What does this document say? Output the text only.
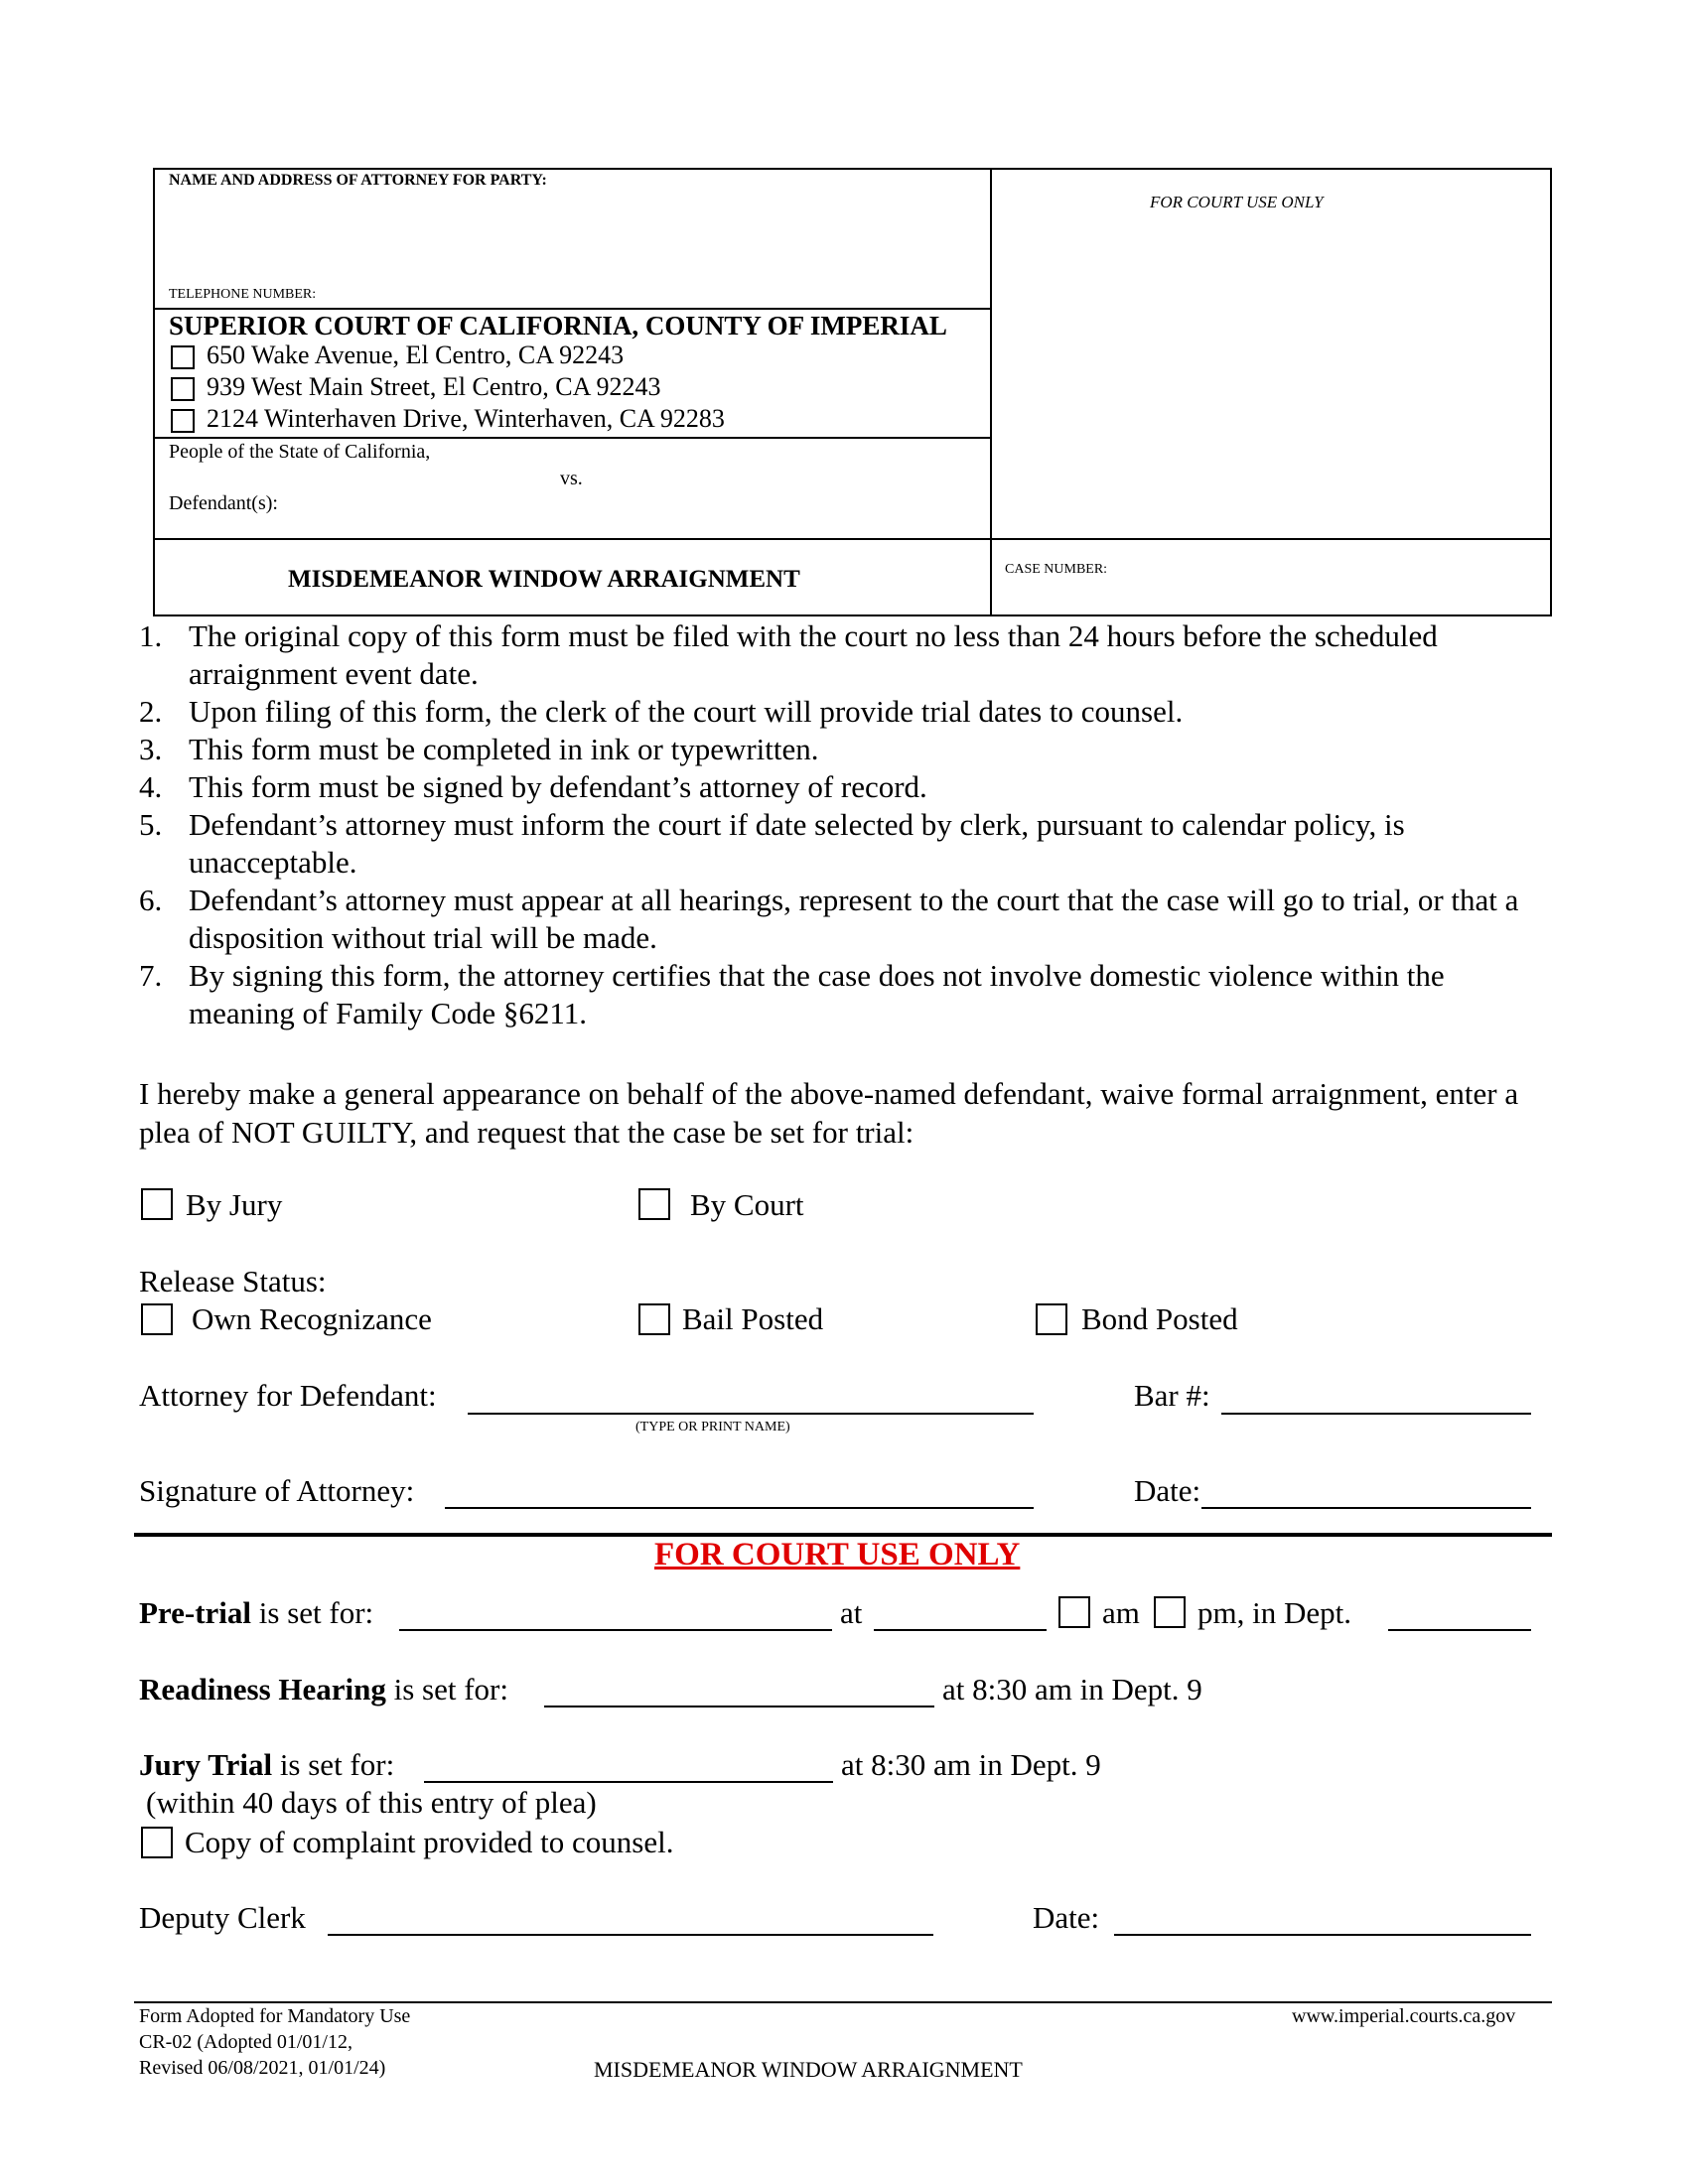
NAME AND ADDRESS OF ATTORNEY FOR PARTY:
FOR COURT USE ONLY
TELEPHONE NUMBER:
SUPERIOR COURT OF CALIFORNIA, COUNTY OF IMPERIAL
650 Wake Avenue, El Centro, CA 92243
939 West Main Street, El Centro, CA 92243
2124 Winterhaven Drive, Winterhaven, CA 92283
People of the State of California,
vs.
Defendant(s):
MISDEMEANOR WINDOW ARRAIGNMENT	CASE NUMBER:
1. The original copy of this form must be filed with the court no less than 24 hours before the scheduled arraignment event date.
2. Upon filing of this form, the clerk of the court will provide trial dates to counsel.
3. This form must be completed in ink or typewritten.
4. This form must be signed by defendant’s attorney of record.
5. Defendant’s attorney must inform the court if date selected by clerk, pursuant to calendar policy, is unacceptable.
6. Defendant’s attorney must appear at all hearings, represent to the court that the case will go to trial, or that a disposition without trial will be made.
7. By signing this form, the attorney certifies that the case does not involve domestic violence within the meaning of Family Code §6211.
I hereby make a general appearance on behalf of the above-named defendant, waive formal arraignment, enter a plea of NOT GUILTY, and request that the case be set for trial:
By Jury	By Court
Release Status:
Own Recognizance	Bail Posted	Bond Posted
Attorney for Defendant:
(TYPE OR PRINT NAME)
Bar #:
Signature of Attorney:	Date:
FOR COURT USE ONLY
Pre-trial is set for:	at	am pm, in Dept.
Readiness Hearing is set for:	at 8:30 am in Dept. 9
Jury Trial is set for:	at 8:30 am in Dept. 9
(within 40 days of this entry of plea)
Copy of complaint provided to counsel.
Deputy Clerk	Date:
Form Adopted for Mandatory Use
CR-02 (Adopted 01/01/12,
Revised 06/08/2021, 01/01/24)	MISDEMEANOR WINDOW ARRAIGNMENT
www.imperial.courts.ca.gov
